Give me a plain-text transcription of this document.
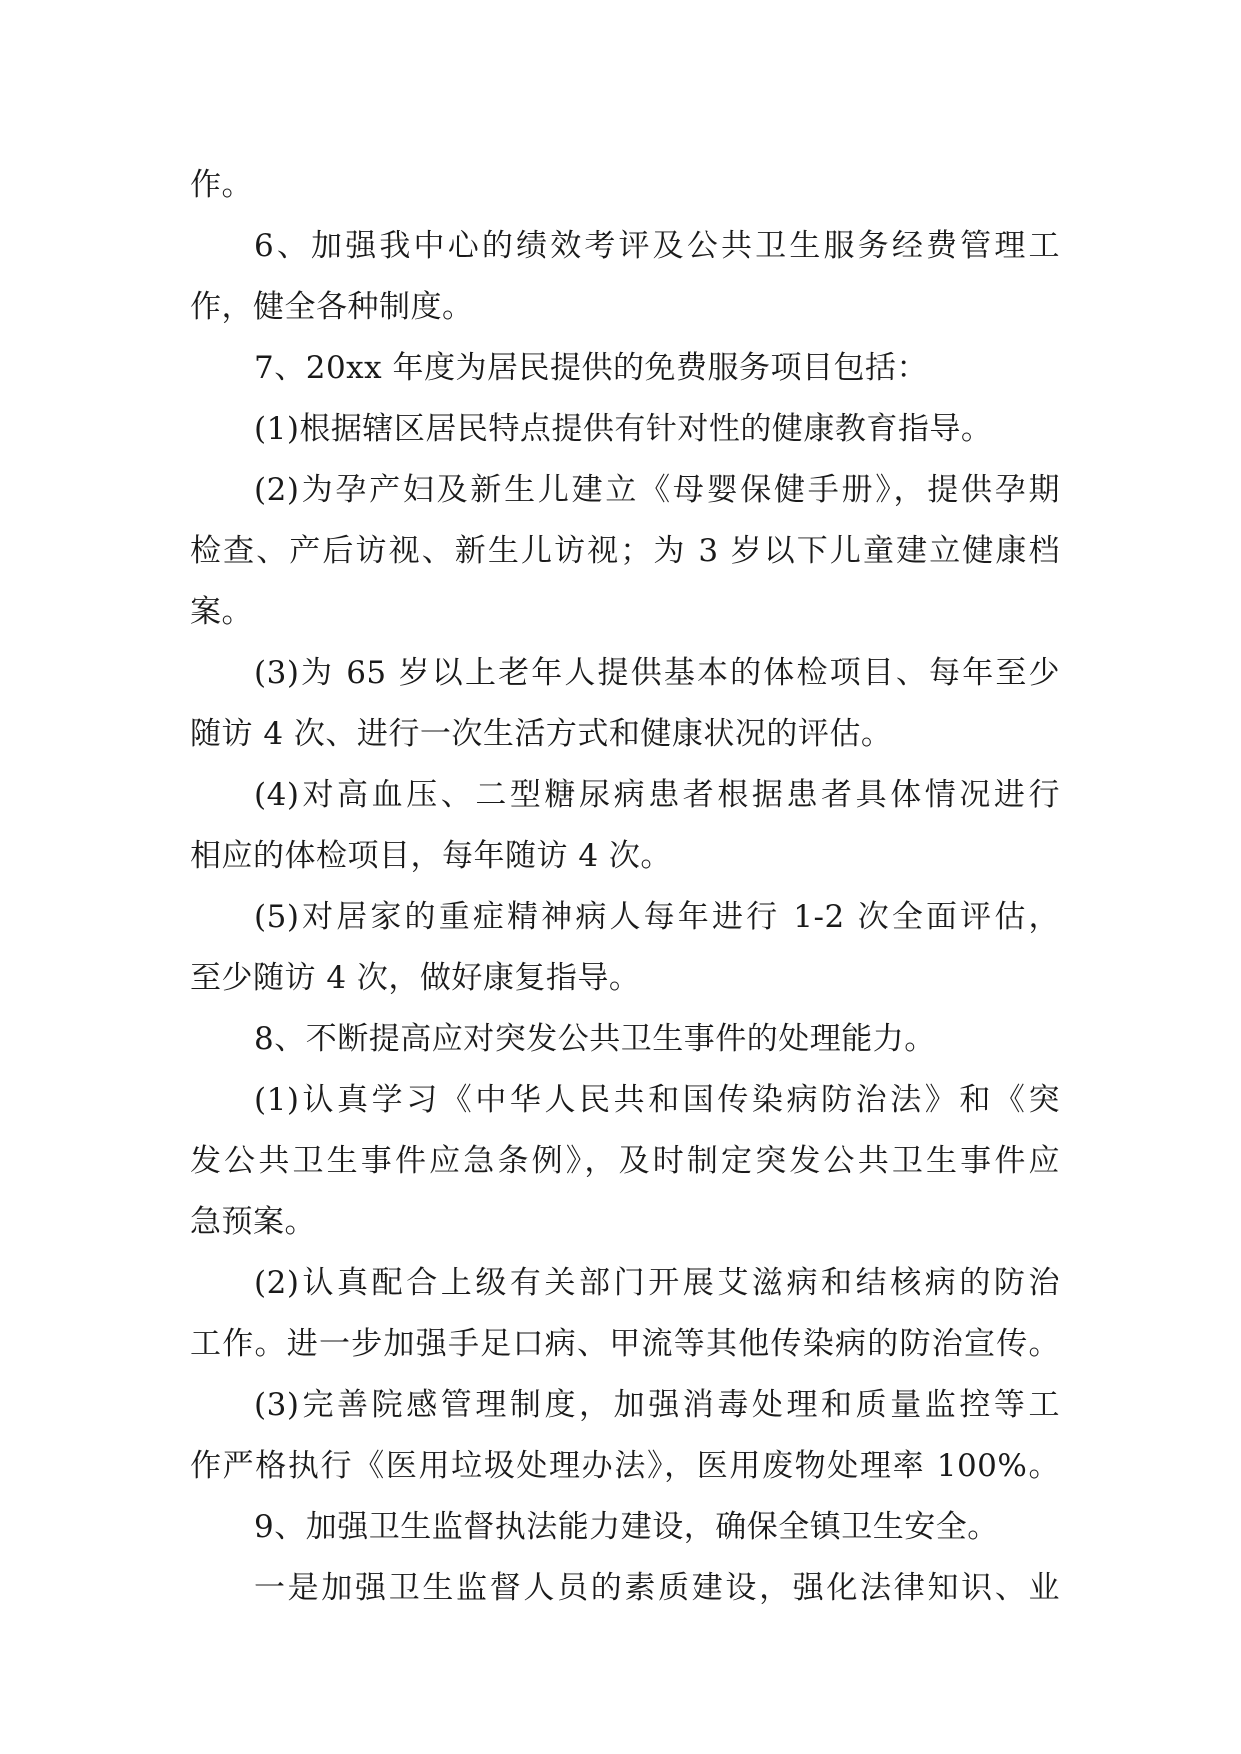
作。
6、加强我中心的绩效考评及公共卫生服务经费管理工
作，健全各种制度。
7、20xx 年度为居民提供的免费服务项目包括：
(1)根据辖区居民特点提供有针对性的健康教育指导。
(2)为孕产妇及新生儿建立《母婴保健手册》，提供孕期
检查、产后访视、新生儿访视；为 3 岁以下儿童建立健康档
案。
(3)为 65 岁以上老年人提供基本的体检项目、每年至少
随访 4 次、进行一次生活方式和健康状况的评估。
(4)对高血压、二型糖尿病患者根据患者具体情况进行
相应的体检项目，每年随访 4 次。
(5)对居家的重症精神病人每年进行 1-2 次全面评估，
至少随访 4 次，做好康复指导。
8、不断提高应对突发公共卫生事件的处理能力。
(1)认真学习《中华人民共和国传染病防治法》和《突
发公共卫生事件应急条例》，及时制定突发公共卫生事件应
急预案。
(2)认真配合上级有关部门开展艾滋病和结核病的防治
工作。进一步加强手足口病、甲流等其他传染病的防治宣传。
(3)完善院感管理制度，加强消毒处理和质量监控等工
作严格执行《医用垃圾处理办法》，医用废物处理率 100%。
9、加强卫生监督执法能力建设，确保全镇卫生安全。
一是加强卫生监督人员的素质建设，强化法律知识、业
